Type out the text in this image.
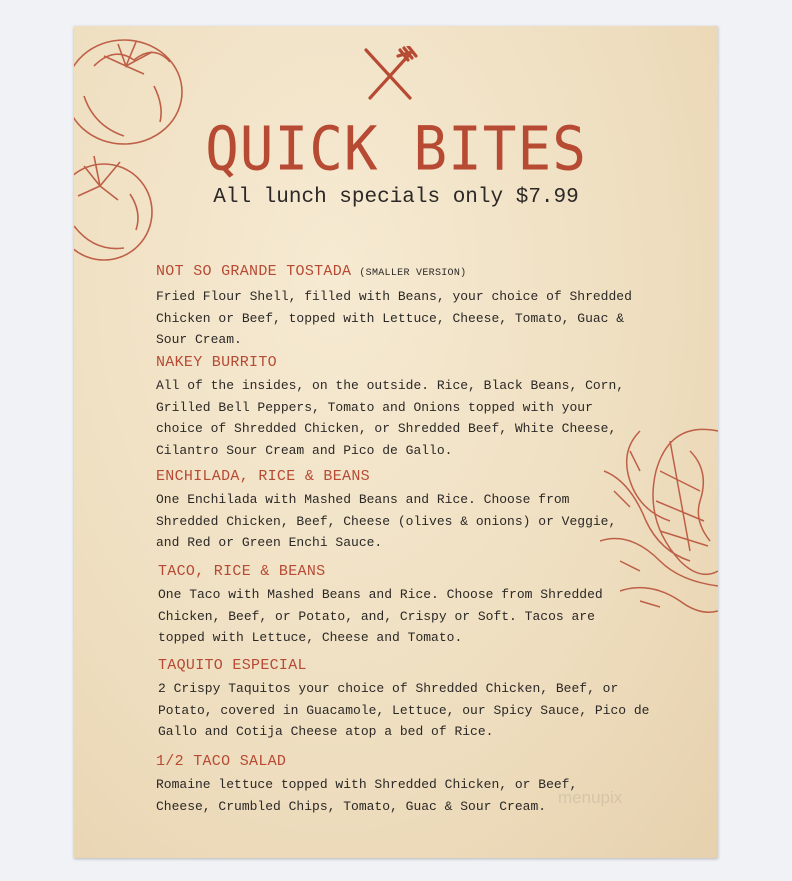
QUICK BITES
All lunch specials only $7.99
NOT SO GRANDE TOSTADA (SMALLER VERSION)
Fried Flour Shell, filled with Beans, your choice of Shredded
Chicken or Beef, topped with Lettuce, Cheese, Tomato, Guac &
Sour Cream.
NAKEY BURRITO
All of the insides, on the outside. Rice, Black Beans, Corn,
Grilled Bell Peppers, Tomato and Onions topped with your
choice of Shredded Chicken, or Shredded Beef, White Cheese,
Cilantro Sour Cream and Pico de Gallo.
ENCHILADA, RICE & BEANS
One Enchilada with Mashed Beans and Rice. Choose from
Shredded Chicken, Beef, Cheese (olives & onions) or Veggie,
and Red or Green Enchi Sauce.
TACO, RICE & BEANS
One Taco with Mashed Beans and Rice. Choose from Shredded
Chicken, Beef, or Potato, and, Crispy or Soft. Tacos are
topped with Lettuce, Cheese and Tomato.
TAQUITO ESPECIAL
2 Crispy Taquitos your choice of Shredded Chicken, Beef, or
Potato, covered in Guacamole, Lettuce, our Spicy Sauce, Pico de
Gallo and Cotija Cheese atop a bed of Rice.
1/2 TACO SALAD
Romaine lettuce topped with Shredded Chicken, or Beef,
Cheese, Crumbled Chips, Tomato, Guac & Sour Cream. menupix
